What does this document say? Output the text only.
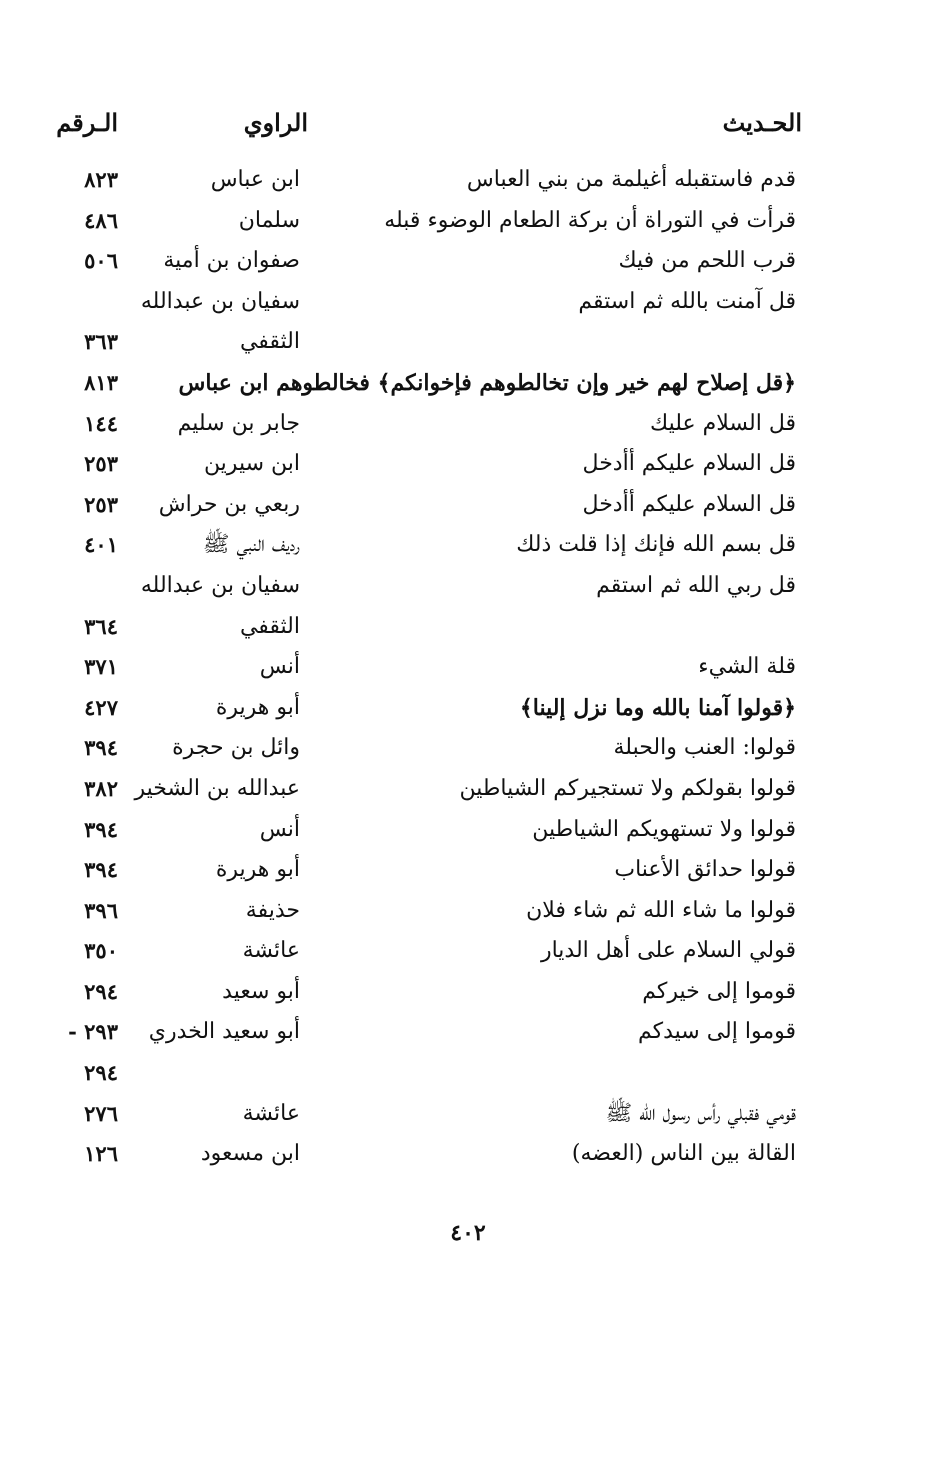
الحـديث
الراوي
الـرقم
قدم فاستقبله أغيلمة من بني العباس
ابن عباس
٨٢٣
قرأت في التوراة أن بركة الطعام الوضوء قبله
سلمان
٤٨٦
قرب اللحم من فيك
صفوان بن أمية
٥٠٦
قل آمنت بالله ثم استقم
سفيان بن عبدالله
الثقفي
٣٦٣
﴿قل إصلاح لهم خير وإن تخالطوهم فإخوانكم﴾ فخالطوهم ابن عباس
٨١٣
قل السلام عليك
جابر بن سليم
١٤٤
قل السلام عليكم أأدخل
ابن سيرين
٢٥٣
قل السلام عليكم أأدخل
ربعي بن حراش
٢٥٣
قل بسم الله فإنك إذا قلت ذلك
رديف النبي ﷺ
٤٠١
قل ربي الله ثم استقم
سفيان بن عبدالله
الثقفي
٣٦٤
قلة الشيء
أنس
٣٧١
﴿قولوا آمنا بالله وما نزل إلينا﴾
أبو هريرة
٤٢٧
قولوا: العنب والحبلة
وائل بن حجرة
٣٩٤
قولوا بقولكم ولا تستجيركم الشياطين
عبدالله بن الشخير
٣٨٢
قولوا ولا تستهويكم الشياطين
أنس
٣٩٤
قولوا حدائق الأعناب
أبو هريرة
٣٩٤
قولوا ما شاء الله ثم شاء فلان
حذيفة
٣٩٦
قولي السلام على أهل الديار
عائشة
٣٥٠
قوموا إلى خيركم
أبو سعيد
٢٩٤
قوموا إلى سيدكم
أبو سعيد الخدري
٢٩٣ -
٢٩٤
قومي فقبلي رأس رسول الله ﷺ
عائشة
٢٧٦
القالة بين الناس (العضه)
ابن مسعود
١٢٦
٤٠٢
